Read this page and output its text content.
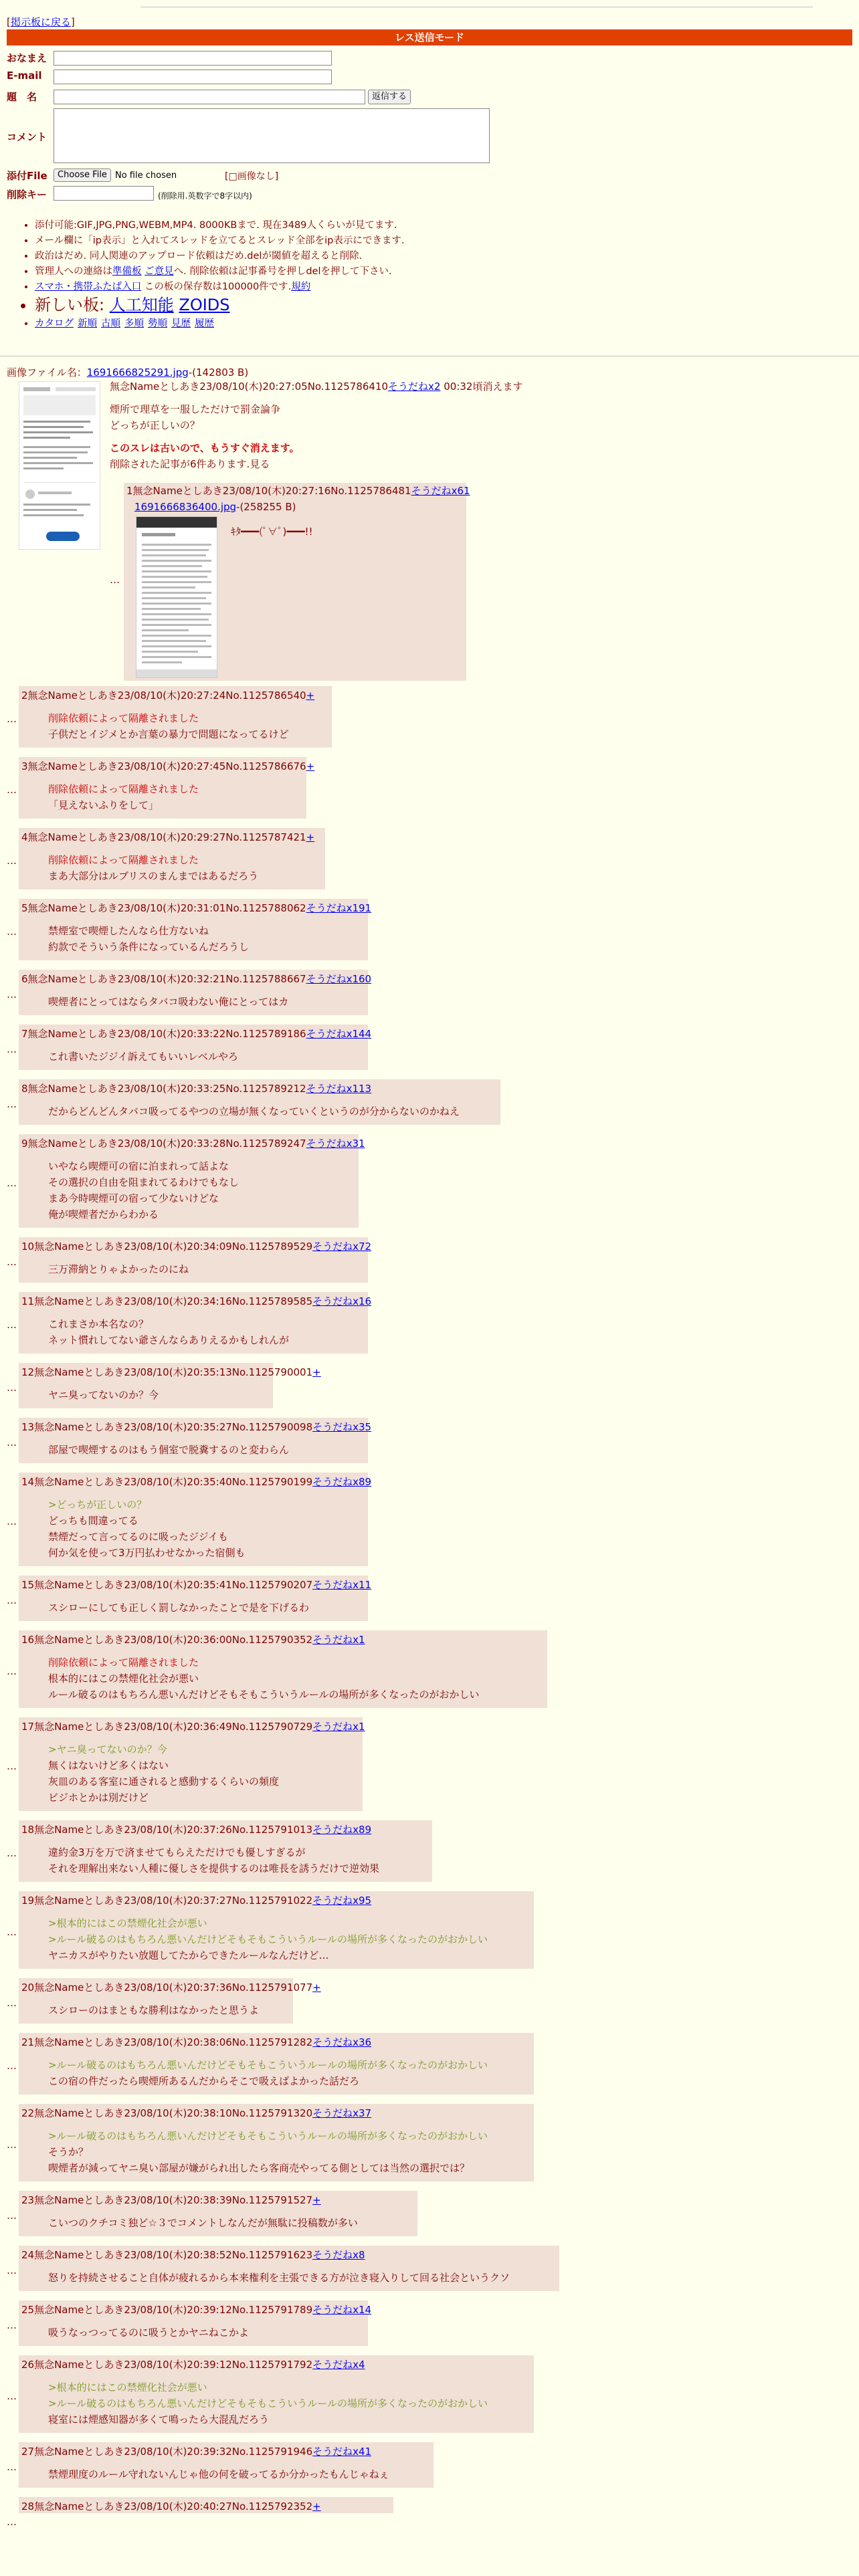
[掲示板に戻る]
レス送信モード
おなまえ
E-mail
題　名	返信する
コメント
添付File	Choose File No file chosen	[□画像なし]
削除キー	(削除用.英数字で8字以内)
• 添付可能:GIF,JPG,PNG,WEBM,MP4. 8000KBまで. 現在3489人くらいが見てます.
• メール欄に「ip表示」と入れてスレッドを立てるとスレッド全部をip表示にできます.
• 政治はだめ. 同人関連のアップロード依頼はだめ.delが閾値を超えると削除.
• 管理人への連絡は準備板 ご意見へ. 削除依頼は記事番号を押しdelを押して下さい.
• スマホ・携帯ふたば入口 この板の保存数は100000件です.規約
• 新しい板: 人工知能 ZOIDS
• カタログ 新順 古順 多順 勢順 見歴 履歴
画像ファイル名：1691666825291.jpg-(142803 B)
無念Nameとしあき23/08/10(木)20:27:05No.1125786410そうだねx2 00:32頃消えます
煙所で理草を一服しただけで罰金論争
どっちが正しいの？
このスレは古いので、もうすぐ消えます。
削除された記事が6件あります.見る
…
1無念Nameとしあき23/08/10(木)20:27:16No.1125786481そうだねx61
1691666836400.jpg-(258255 B)
ｷﾀ━━━(ﾟ∀ﾟ)━━━!!
2無念Nameとしあき23/08/10(木)20:27:24No.1125786540+
削除依頼によって隔離されました
子供だとイジメとか言葉の暴力で問題になってるけど
…
3無念Nameとしあき23/08/10(木)20:27:45No.1125786676+
削除依頼によって隔離されました
「見えないふりをして」
…
4無念Nameとしあき23/08/10(木)20:29:27No.1125787421+
削除依頼によって隔離されました
まあ大部分はルブリスのまんまではあるだろう
…
5無念Nameとしあき23/08/10(木)20:31:01No.1125788062そうだねx191
禁煙室で喫煙したんなら仕方ないね
約款でそういう条件になっているんだろうし
…
6無念Nameとしあき23/08/10(木)20:32:21No.1125788667そうだねx160
喫煙者にとってはならタバコ吸わない俺にとってはカ
…
7無念Nameとしあき23/08/10(木)20:33:22No.1125789186そうだねx144
これ書いたジジイ訴えてもいいレベルやろ
…
8無念Nameとしあき23/08/10(木)20:33:25No.1125789212そうだねx113
だからどんどんタバコ吸ってるやつの立場が無くなっていくというのが分からないのかねえ
…
9無念Nameとしあき23/08/10(木)20:33:28No.1125789247そうだねx31
いやなら喫煙可の宿に泊まれって話よな
その選択の自由を阻まれてるわけでもなし
まあ今時喫煙可の宿って少ないけどな
俺が喫煙者だからわかる
…
10無念Nameとしあき23/08/10(木)20:34:09No.1125789529そうだねx72
三万滞納とりゃよかったのにね
…
11無念Nameとしあき23/08/10(木)20:34:16No.1125789585そうだねx16
これまさか本名なの？
ネット慣れしてない爺さんならありえるかもしれんが
…
12無念Nameとしあき23/08/10(木)20:35:13No.1125790001+
ヤニ臭ってないのか？今
…
13無念Nameとしあき23/08/10(木)20:35:27No.1125790098そうだねx35
部屋で喫煙するのはもう個室で脱糞するのと変わらん
…
14無念Nameとしあき23/08/10(木)20:35:40No.1125790199そうだねx89
>どっちが正しいの？
どっちも間違ってる
禁煙だって言ってるのに吸ったジジイも
何か気を使って3万円払わせなかった宿側も
…
15無念Nameとしあき23/08/10(木)20:35:41No.1125790207そうだねx11
スシローにしても正しく罰しなかったことで是を下げるわ
…
16無念Nameとしあき23/08/10(木)20:36:00No.1125790352そうだねx1
削除依頼によって隔離されました
根本的にはこの禁煙化社会が悪い
ルール破るのはもちろん悪いんだけどそもそもこういうルールの場所が多くなったのがおかしい
…
17無念Nameとしあき23/08/10(木)20:36:49No.1125790729そうだねx1
>ヤニ臭ってないのか？今
無くはないけど多くはない
灰皿のある客室に通されると感動するくらいの頻度
ビジホとかは別だけど
…
18無念Nameとしあき23/08/10(木)20:37:26No.1125791013そうだねx89
違約金3万を万で済ませてもらえただけでも優しすぎるが
それを理解出来ない人種に優しさを提供するのは唯長を誘うだけで逆効果
…
19無念Nameとしあき23/08/10(木)20:37:27No.1125791022そうだねx95
>根本的にはこの禁煙化社会が悪い
>ルール破るのはもちろん悪いんだけどそもそもこういうルールの場所が多くなったのがおかしい
ヤニカスがやりたい放題してたからできたルールなんだけど…
…
20無念Nameとしあき23/08/10(木)20:37:36No.1125791077+
スシローのはまともな勝利はなかったと思うよ
…
21無念Nameとしあき23/08/10(木)20:38:06No.1125791282そうだねx36
>ルール破るのはもちろん悪いんだけどそもそもこういうルールの場所が多くなったのがおかしい
この宿の件だったら喫煙所あるんだからそこで吸えばよかった話だろ
…
22無念Nameとしあき23/08/10(木)20:38:10No.1125791320そうだねx37
>ルール破るのはもちろん悪いんだけどそもそもこういうルールの場所が多くなったのがおかしい
そうか？
喫煙者が減ってヤニ臭い部屋が嫌がられ出したら客商売やってる側としては当然の選択では？
…
23無念Nameとしあき23/08/10(木)20:38:39No.1125791527+
こいつのクチコミ独ど☆３でコメントしなんだが無駄に投稿数が多い
…
24無念Nameとしあき23/08/10(木)20:38:52No.1125791623そうだねx8
怒りを持続させること自体が疲れるから本来権利を主張できる方が泣き寝入りして回る社会というクソ
…
25無念Nameとしあき23/08/10(木)20:39:12No.1125791789そうだねx14
吸うなっつってるのに吸うとかヤニねこかよ
…
26無念Nameとしあき23/08/10(木)20:39:12No.1125791792そうだねx4
>根本的にはこの禁煙化社会が悪い
>ルール破るのはもちろん悪いんだけどそもそもこういうルールの場所が多くなったのがおかしい
寝室には煙感知器が多くて鳴ったら大混乱だろう
…
27無念Nameとしあき23/08/10(木)20:39:32No.1125791946そうだねx41
禁煙理度のルール守れないんじゃ他の何を破ってるか分かったもんじゃねぇ
…
28無念Nameとしあき23/08/10(木)20:40:27No.1125792352+
…
